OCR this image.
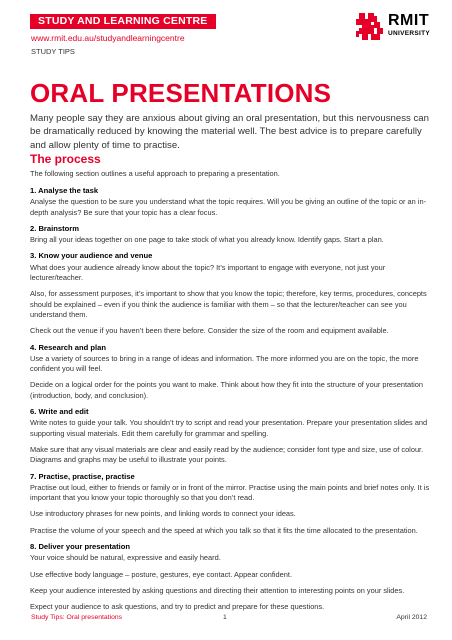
STUDY AND LEARNING CENTRE
www.rmit.edu.au/studyandlearningcentre
STUDY TIPS
RMIT
UNIVERSITY
ORAL PRESENTATIONS
Many people say they are anxious about giving an oral presentation, but this nervousness can be dramatically reduced by knowing the material well. The best advice is to prepare carefully and allow plenty of time to practise.
The process
The following section outlines a useful approach to preparing a presentation.
1. Analyse the task
Analyse the question to be sure you understand what the topic requires. Will you be giving an outline of the topic or an in-depth analysis? Be sure that your topic has a clear focus.
2. Brainstorm
Bring all your ideas together on one page to take stock of what you already know. Identify gaps. Start a plan.
3. Know your audience and venue
What does your audience already know about the topic? It’s important to engage with everyone, not just your lecturer/teacher.
Also, for assessment purposes, it’s important to show that you know the topic; therefore, key terms, procedures, concepts should be explained – even if you think the audience is familiar with them – so that the lecturer/teacher can see you understand them.
Check out the venue if you haven’t been there before. Consider the size of the room and equipment available.
4. Research and plan
Use a variety of sources to bring in a range of ideas and information. The more informed you are on the topic, the more confident you will feel.
Decide on a logical order for the points you want to make. Think about how they fit into the structure of your presentation (introduction, body, and conclusion).
6. Write and edit
Write notes to guide your talk. You shouldn’t try to script and read your presentation. Prepare your presentation slides and supporting visual materials. Edit them carefully for grammar and spelling.
Make sure that any visual materials are clear and easily read by the audience; consider font type and size, use of colour. Diagrams and graphs may be useful to illustrate your points.
7. Practise, practise, practise
Practise out loud, either to friends or family or in front of the mirror. Practise using the main points and brief notes only. It is important that you know your topic thoroughly so that you don’t read.
Use introductory phrases for new points, and linking words to connect your ideas.
Practise the volume of your speech and the speed at which you talk so that it fits the time allocated to the presentation.
8. Deliver your presentation
Your voice should be natural, expressive and easily heard.
Use effective body language – posture, gestures, eye contact. Appear confident.
Keep your audience interested by asking questions and directing their attention to interesting points on your slides.
Expect your audience to ask questions, and try to predict and prepare for these questions.
Study Tips: Oral presentations	1	April 2012
